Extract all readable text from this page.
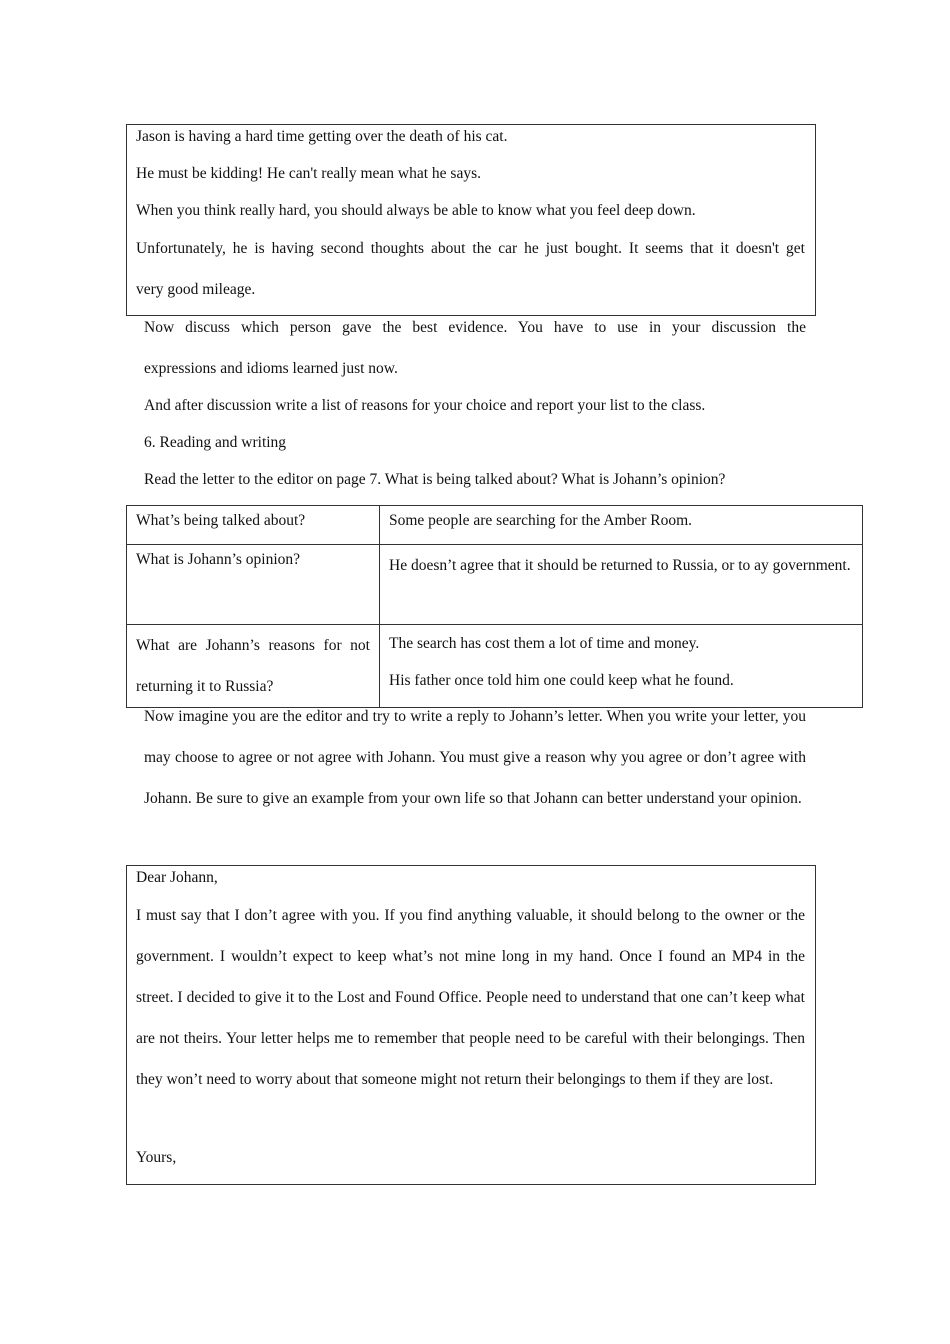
Jason is having a hard time getting over the death of his cat.
He must be kidding! He can't really mean what he says.
When you think really hard, you should always be able to know what you feel deep down.
Unfortunately, he is having second thoughts about the car he just bought. It seems that it doesn't get
very good mileage.
Now discuss which person gave the best evidence. You have to use in your discussion the
expressions and idioms learned just now.
And after discussion write a list of reasons for your choice and report your list to the class.
6. Reading and writing
Read the letter to the editor on page 7. What is being talked about? What is Johann’s opinion?
What’s being talked about?	Some people are searching for the Amber Room.
What is Johann’s opinion?	He doesn’t agree that it should be returned to Russia, or to ay government.
What are Johann’s reasons for not returning it to Russia?	The search has cost them a lot of time and money.
His father once told him one could keep what he found.

Now imagine you are the editor and try to write a reply to Johann’s letter. When you write your letter, you may choose to agree or not agree with Johann. You must give a reason why you agree or don’t agree with Johann. Be sure to give an example from your own life so that Johann can better understand your opinion.

Dear Johann,

I must say that I don’t agree with you. If you find anything valuable, it should belong to the owner or the government. I wouldn’t expect to keep what’s not mine long in my hand. Once I found an MP4 in the street. I decided to give it to the Lost and Found Office. People need to understand that one can’t keep what are not theirs. Your letter helps me to remember that people need to be careful with their belongings. Then they won’t need to worry about that someone might not return their belongings to them if they are lost.

Yours,
